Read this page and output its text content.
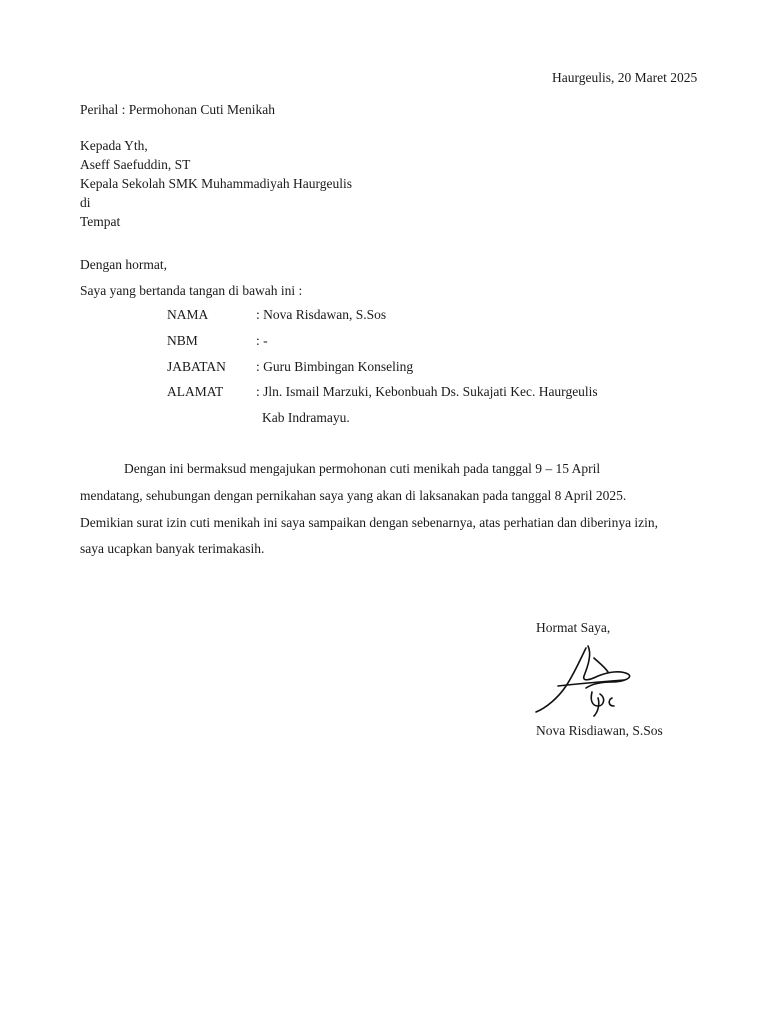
Haurgeulis, 20 Maret 2025
Perihal : Permohonan Cuti Menikah
Kepada Yth,
Aseff Saefuddin, ST
Kepala Sekolah SMK Muhammadiyah Haurgeulis
di
Tempat
Dengan hormat,
Saya yang bertanda tangan di bawah ini :
NAMA	: Nova Risdawan, S.Sos
NBM	: -
JABATAN : Guru Bimbingan Konseling
ALAMAT : Jln. Ismail Marzuki, Kebonbuah Ds. Sukajati Kec. Haurgeulis
Kab Indramayu.
Dengan ini bermaksud mengajukan permohonan cuti menikah pada tanggal 9 – 15 April
mendatang, sehubungan dengan pernikahan saya yang akan di laksanakan pada tanggal 8 April 2025.
Demikian surat izin cuti menikah ini saya sampaikan dengan sebenarnya, atas perhatian dan diberinya izin,
saya ucapkan banyak terimakasih.
Hormat Saya,
Nova Risdiawan, S.Sos
